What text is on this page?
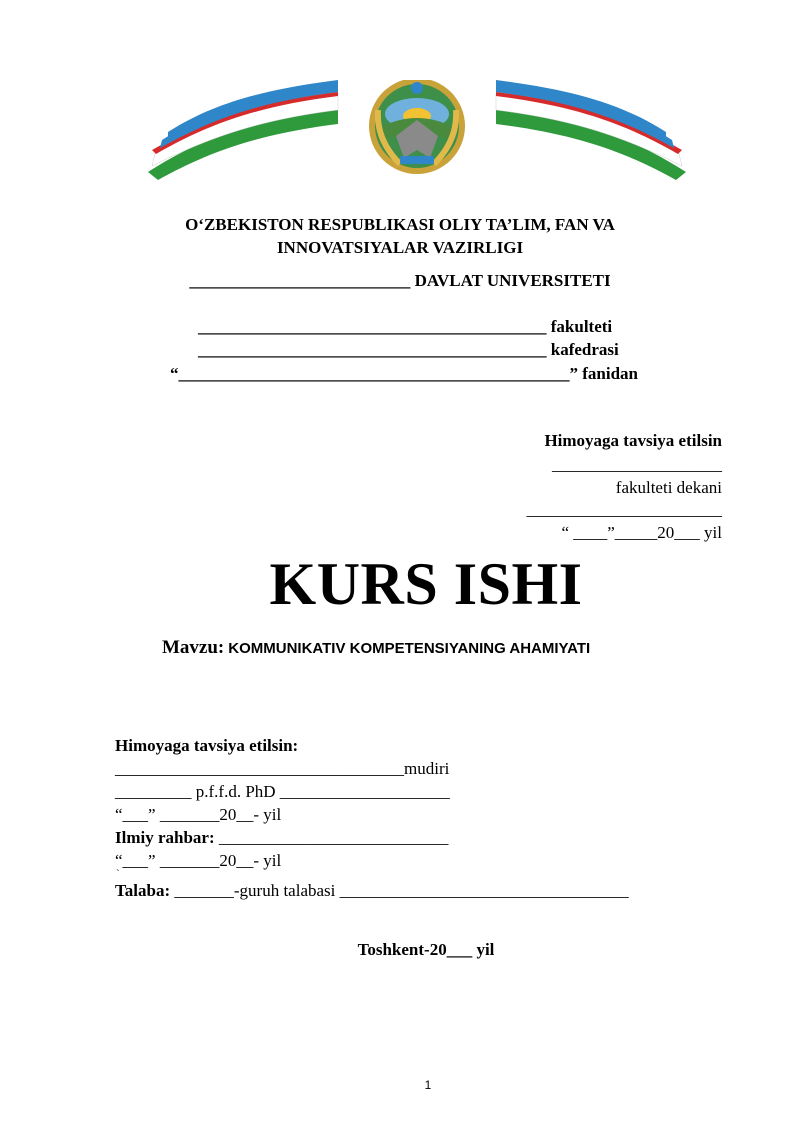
O‘ZBEKISTON RESPUBLIKASI OLIY TA’LIM, FAN VA
INNOVATSIYALAR VAZIRLIGI
__________________________ DAVLAT UNIVERSITETI
_________________________________________ fakulteti
_________________________________________ kafedrasi
“______________________________________________” fanidan
Himoyaga tavsiya etilsin
____________________
fakulteti dekani
_______________________
“ ____”_____20___ yil
KURS ISHI
Mavzu: KOMMUNIKATIV KOMPETENSIYANING AHAMIYATI
Himoyaga tavsiya etilsin:
__________________________________mudiri
_________ p.f.f.d. PhD ____________________
“___” _______20__- yil
Ilmiy rahbar: ___________________________
“___” _______20__- yil
`
Talaba: _______-guruh talabasi __________________________________
Toshkent-20___ yil
1
